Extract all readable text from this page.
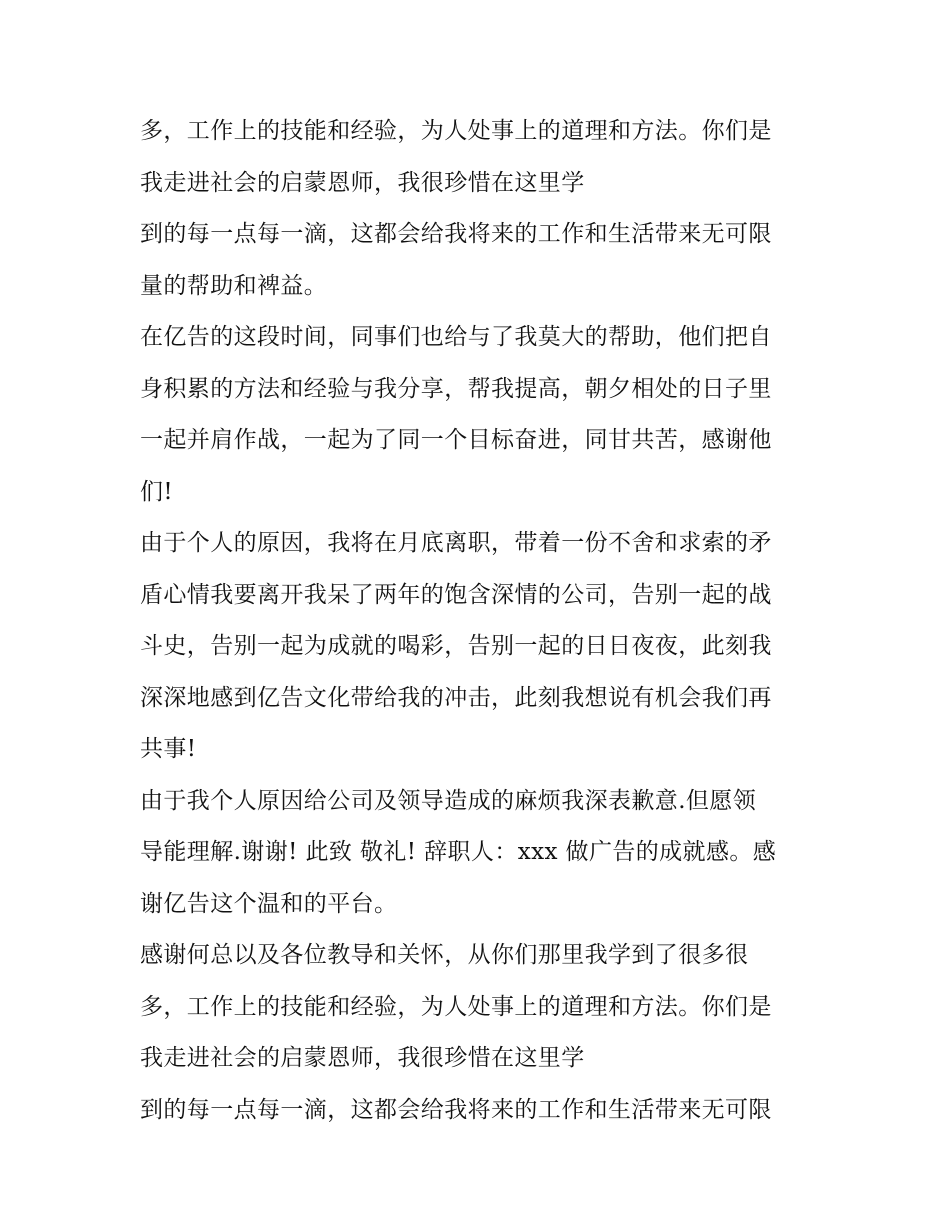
多，工作上的技能和经验，为人处事上的道理和方法。你们是
我走进社会的启蒙恩师，我很珍惜在这里学
到的每一点每一滴，这都会给我将来的工作和生活带来无可限
量的帮助和裨益。
在亿告的这段时间，同事们也给与了我莫大的帮助，他们把自
身积累的方法和经验与我分享，帮我提高，朝夕相处的日子里
一起并肩作战，一起为了同一个目标奋进，同甘共苦，感谢他
们!
由于个人的原因，我将在月底离职，带着一份不舍和求索的矛
盾心情我要离开我呆了两年的饱含深情的公司，告别一起的战
斗史，告别一起为成就的喝彩，告别一起的日日夜夜，此刻我
深深地感到亿告文化带给我的冲击，此刻我想说有机会我们再
共事!
由于我个人原因给公司及领导造成的麻烦我深表歉意.但愿领
导能理解.谢谢! 此致 敬礼! 辞职人：xxx 做广告的成就感。感
谢亿告这个温和的平台。
感谢何总以及各位教导和关怀，从你们那里我学到了很多很
多，工作上的技能和经验，为人处事上的道理和方法。你们是
我走进社会的启蒙恩师，我很珍惜在这里学
到的每一点每一滴，这都会给我将来的工作和生活带来无可限
